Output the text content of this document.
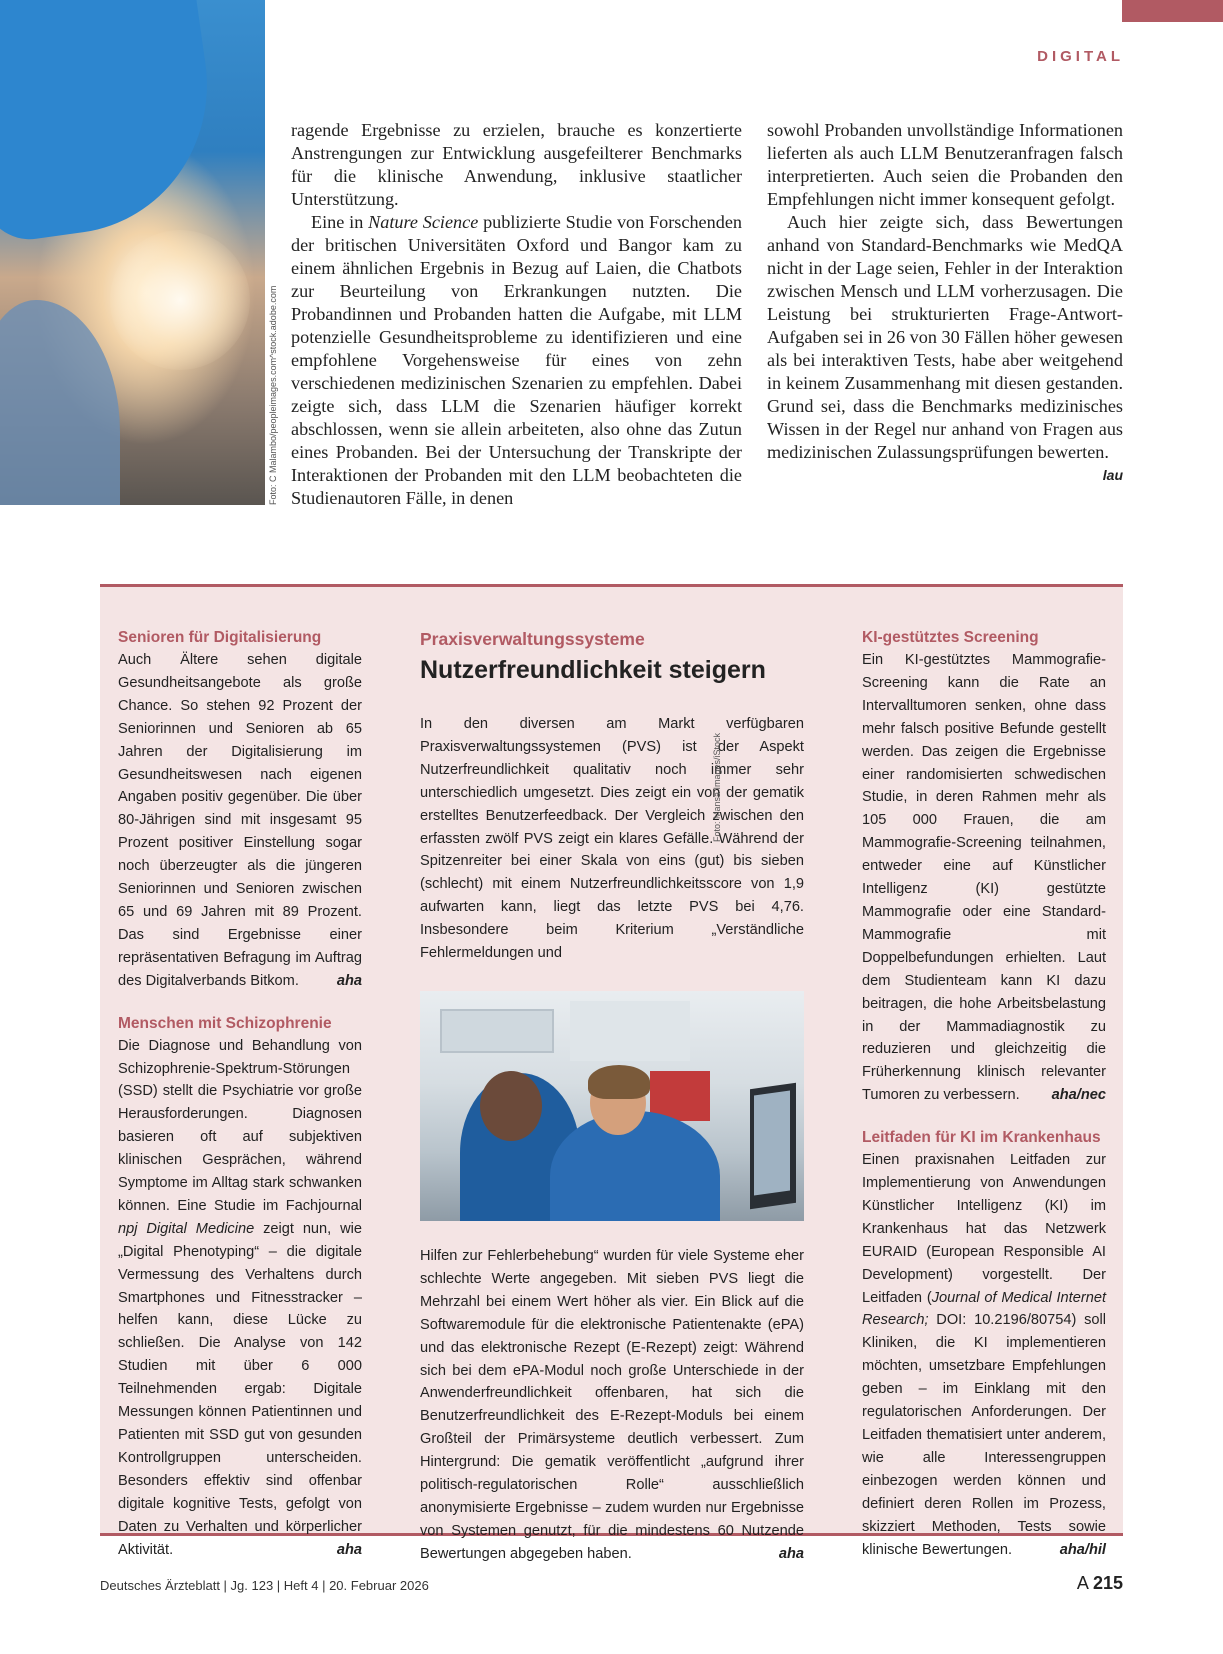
DIGITAL
Foto: C Malambo/peopleimages.com^stock.adobe.com

ragende Ergebnisse zu erzielen, brauche es konzertierte Anstrengungen zur Entwicklung ausgefeilterer Benchmarks für die klinische Anwendung, inklusive staatlicher Unterstützung.

Eine in Nature Science publizierte Studie von Forschenden der britischen Universitäten Oxford und Bangor kam zu einem ähnlichen Ergebnis in Bezug auf Laien, die Chatbots zur Beurteilung von Erkrankungen nutzten. Die Probandinnen und Probanden hatten die Aufgabe, mit LLM potenzielle Gesundheitsprobleme zu identifizieren und eine empfohlene Vorgehensweise für eines von zehn verschiedenen medizinischen Szenarien zu empfehlen. Dabei zeigte sich, dass LLM die Szenarien häufiger korrekt abschlossen, wenn sie allein arbeiteten, also ohne das Zutun eines Probanden. Bei der Untersuchung der Transkripte der Interaktionen der Probanden mit den LLM beobachteten die Studienautoren Fälle, in denen

sowohl Probanden unvollständige Informationen lieferten als auch LLM Benutzeranfragen falsch interpretierten. Auch seien die Probanden den Empfehlungen nicht immer konsequent gefolgt.

Auch hier zeigte sich, dass Bewertungen anhand von Standard-Benchmarks wie MedQA nicht in der Lage seien, Fehler in der Interaktion zwischen Mensch und LLM vorherzusagen. Die Leistung bei strukturierten Frage-Antwort-Aufgaben sei in 26 von 30 Fällen höher gewesen als bei interaktiven Tests, habe aber weitgehend in keinem Zusammenhang mit diesen gestanden. Grund sei, dass die Benchmarks medizinisches Wissen in der Regel nur anhand von Fragen aus medizinischen Zulassungsprüfungen bewerten.
lau

Senioren für Digitalisierung

Auch Ältere sehen digitale Gesundheitsangebote als große Chance. So stehen 92 Prozent der Seniorinnen und Senioren ab 65 Jahren der Digitalisierung im Gesundheitswesen nach eigenen Angaben positiv gegenüber. Die über 80-Jährigen sind mit insgesamt 95 Prozent positiver Einstellung sogar noch überzeugter als die jüngeren Seniorinnen und Senioren zwischen 65 und 69 Jahren mit 89 Prozent. Das sind Ergebnisse einer repräsentativen Befragung im Auftrag des Digitalverbands Bitkom.	aha

Menschen mit Schizophrenie

Die Diagnose und Behandlung von Schizophrenie-Spektrum-Störungen (SSD) stellt die Psychiatrie vor große Herausforderungen. Diagnosen basieren oft auf subjektiven klinischen Gesprächen, während Symptome im Alltag stark schwanken können. Eine Studie im Fachjournal npj Digital Medicine zeigt nun, wie „Digital Phenotyping“ – die digitale Vermessung des Verhaltens durch Smartphones und Fitnesstracker – helfen kann, diese Lücke zu schließen. Die Analyse von 142 Studien mit über 6 000 Teilnehmenden ergab: Digitale Messungen können Patientinnen und Patienten mit SSD gut von gesunden Kontrollgruppen unterscheiden. Besonders effektiv sind offenbar digitale kognitive Tests, gefolgt von Daten zu Verhalten und körperlicher Aktivität.	aha

Praxisverwaltungssysteme
Nutzerfreundlichkeit steigern

In den diversen am Markt verfügbaren Praxisverwaltungssystemen (PVS) ist der Aspekt Nutzerfreundlichkeit qualitativ noch immer sehr unterschiedlich umgesetzt. Dies zeigt ein von der gematik erstelltes Benutzerfeedback. Der Vergleich zwischen den erfassten zwölf PVS zeigt ein klares Gefälle. Während der Spitzenreiter bei einer Skala von eins (gut) bis sieben (schlecht) mit einem Nutzerfreundlichkeitsscore von 1,9 aufwarten kann, liegt das letzte PVS bei 4,76. Insbesondere beim Kriterium „Verständliche Fehlermeldungen und

Hilfen zur Fehlerbehebung“ wurden für viele Systeme eher schlechte Werte angegeben. Mit sieben PVS liegt die Mehrzahl bei einem Wert höher als vier. Ein Blick auf die Softwaremodule für die elektronische Patientenakte (ePA) und das elektronische Rezept (E-Rezept) zeigt: Während sich bei dem ePA-Modul noch große Unterschiede in der Anwenderfreundlichkeit offenbaren, hat sich die Benutzerfreundlichkeit des E-Rezept-Moduls bei einem Großteil der Primärsysteme deutlich verbessert. Zum Hintergrund: Die gematik veröffentlicht „aufgrund ihrer politisch-regulatorischen Rolle“ ausschließlich anonymisierte Ergebnisse – zudem wurden nur Ergebnisse von Systemen genutzt, für die mindestens 60 Nutzende Bewertungen abgegeben haben.	aha

KI-gestütztes Screening

Ein KI-gestütztes Mammografie-Screening kann die Rate an Intervalltumoren senken, ohne dass mehr falsch positive Befunde gestellt werden. Das zeigen die Ergebnisse einer randomisierten schwedischen Studie, in deren Rahmen mehr als 105 000 Frauen, die am Mammografie-Screening teilnahmen, entweder eine auf Künstlicher Intelligenz (KI) gestützte Mammografie oder eine Standard-Mammografie mit Doppelbefundungen erhielten. Laut dem Studienteam kann KI dazu beitragen, die hohe Arbeitsbelastung in der Mammadiagnostik zu reduzieren und gleichzeitig die Früherkennung klinisch relevanter Tumoren zu verbessern. aha/nec

Leitfaden für KI im Krankenhaus

Einen praxisnahen Leitfaden zur Implementierung von Anwendungen Künstlicher Intelligenz (KI) im Krankenhaus hat das Netzwerk EURAID (European Responsible AI Development) vorgestellt. Der Leitfaden (Journal of Medical Internet Research; DOI: 10.2196/80754) soll Kliniken, die KI implementieren möchten, umsetzbare Empfehlungen geben – im Einklang mit den regulatorischen Anforderungen. Der Leitfaden thematisiert unter anderem, wie alle Interessengruppen einbezogen werden können und definiert deren Rollen im Prozess, skizziert Methoden, Tests sowie klinische Bewertungen.	aha/hil

Foto: Mansa Images/iStock
Deutsches Ärzteblatt | Jg. 123 | Heft 4 | 20. Februar 2026	A 215
